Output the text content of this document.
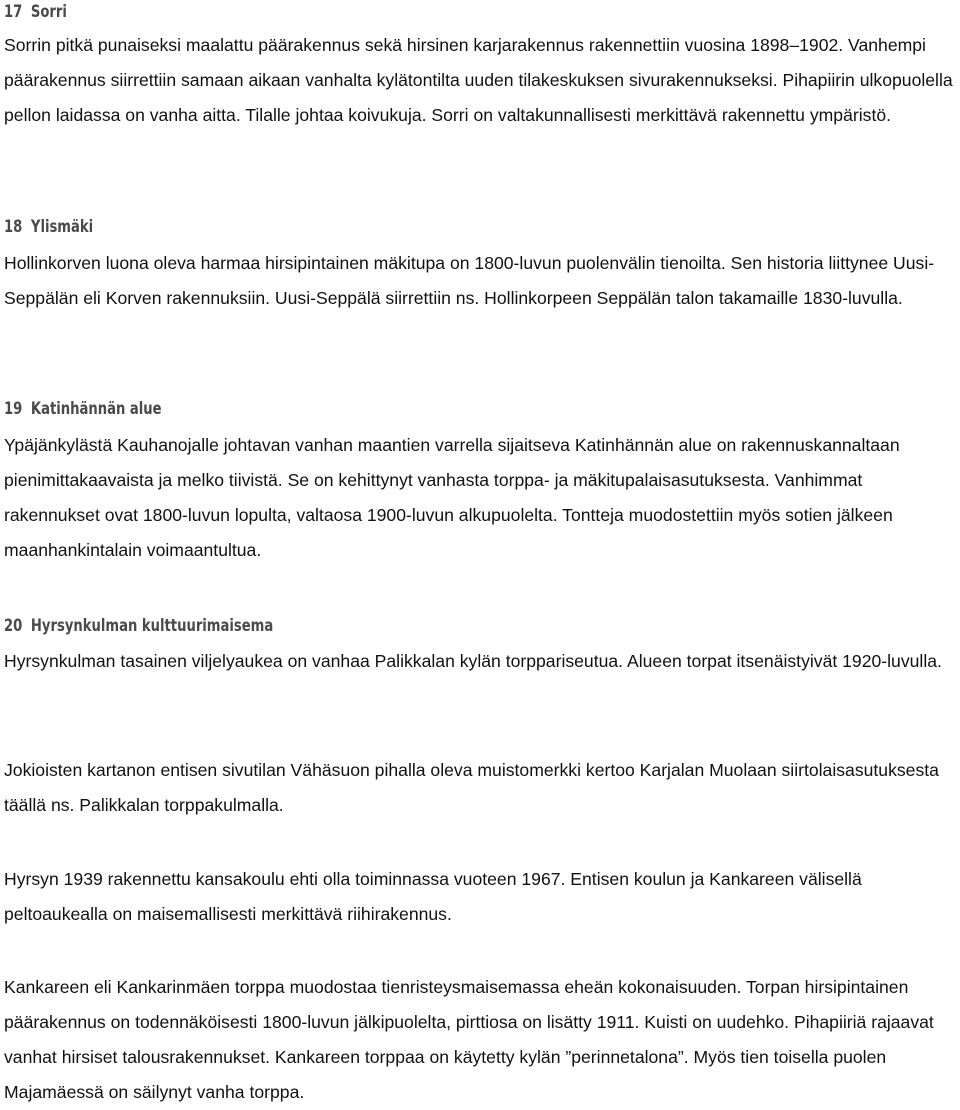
17 Sorri

Sorrin pitkä punaiseksi maalattu päärakennus sekä hirsinen karjarakennus rakennettiin vuosina 1898–1902. Vanhempi päärakennus siirrettiin samaan aikaan vanhalta kylätontilta uuden tilakeskuksen sivurakennukseksi. Pihapiirin ulkopuolella pellon laidassa on vanha aitta. Tilalle johtaa koivukuja. Sorri on valtakunnallisesti merkittävä rakennettu ympäristö.

18 Ylismäki

Hollinkorven luona oleva harmaa hirsipintainen mäkitupa on 1800-luvun puolenvälin tienoilta. Sen historia liittynee Uusi-Seppälän eli Korven rakennuksiin. Uusi-Seppälä siirrettiin ns. Hollinkorpeen Seppälän talon takamaille 1830-luvulla.

19 Katinhännän alue

Ypäjänkylästä Kauhanojalle johtavan vanhan maantien varrella sijaitseva Katinhännän alue on rakennuskannaltaan pienimittakaavaista ja melko tiivistä. Se on kehittynyt vanhasta torppa- ja mäkitupalaisasutuksesta. Vanhimmat rakennukset ovat 1800-luvun lopulta, valtaosa 1900-luvun alkupuolelta. Tontteja muodostettiin myös sotien jälkeen maanhankintalain voimaantultua.

20 Hyrsynkulman kulttuurimaisema

Hyrsynkulman tasainen viljelyaukea on vanhaa Palikkalan kylän torppariseutua. Alueen torpat itsenäistyivät 1920-luvulla.

Jokioisten kartanon entisen sivutilan Vähäsuon pihalla oleva muistomerkki kertoo Karjalan Muolaan siirtolaisasutuksesta täällä ns. Palikkalan torppakulmalla.

Hyrsyn 1939 rakennettu kansakoulu ehti olla toiminnassa vuoteen 1967. Entisen koulun ja Kankareen välisellä peltoaukealla on maisemallisesti merkittävä riihirakennus.

Kankareen eli Kankarinmäen torppa muodostaa tienristeysmaisemassa eheän kokonaisuuden. Torpan hirsipintainen päärakennus on todennäköisesti 1800-luvun jälkipuolelta, pirttiosa on lisätty 1911. Kuisti on uudehko. Pihapiiriä rajaavat vanhat hirsiset talousrakennukset. Kankareen torppaa on käytetty kylän ”perinnetalona”. Myös tien toisella puolen Majamäessä on säilynyt vanha torppa.
